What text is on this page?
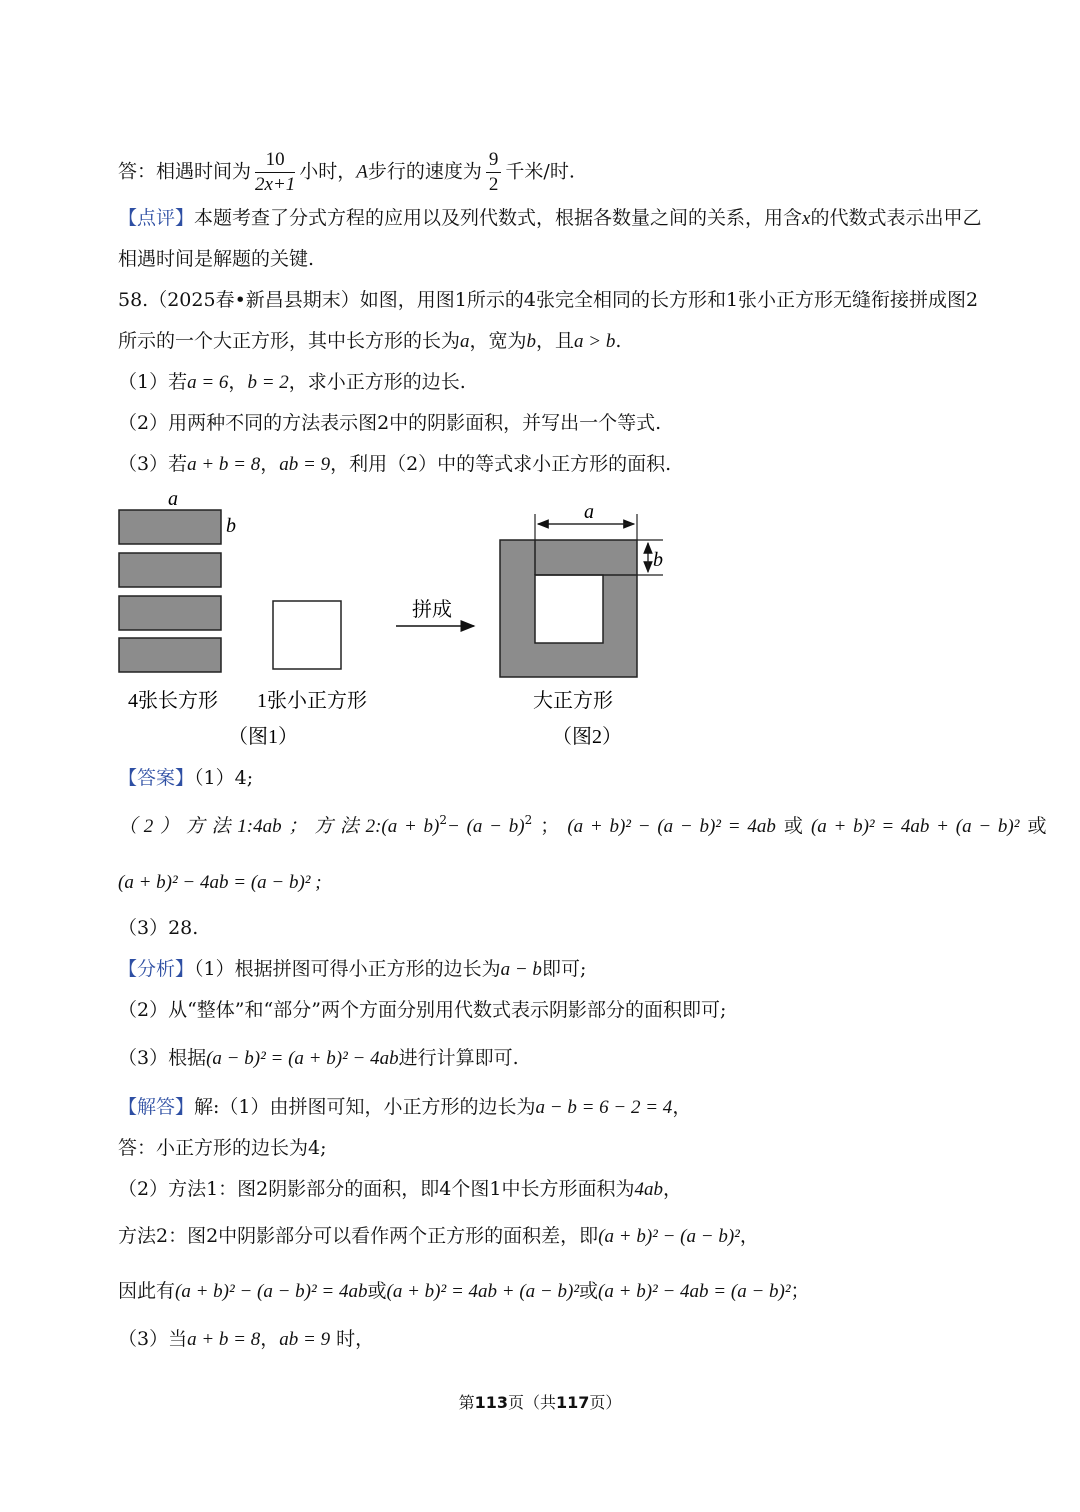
答：相遇时间为 $\frac{10}{2x+1}$ 小时，A步行的速度为 $\frac{9}{2}$ 千米/时.
【点评】本题考查了分式方程的应用以及列代数式，根据各数量之间的关系，用含x的代数式表示出甲乙
相遇时间是解题的关键.
58.（2025春•新昌县期末）如图，用图1所示的4张完全相同的长方形和1张小正方形无缝衔接拼成图2
所示的一个大正方形，其中长方形的长为a，宽为b，且a > b.
（1）若a = 6，b = 2，求小正方形的边长.
（2）用两种不同的方法表示图2中的阴影面积，并写出一个等式.
（3）若a + b = 8，ab = 9，利用（2）中的等式求小正方形的面积.
a
b
拼成
a
b
4张长方形 1张小正方形	大正方形
（图1）	（图2）
【答案】（1）4;
（ 2 ） 方 法 1:4ab ； 方 法 2:(a + $b)^2- (a - b)^2$ ； (a + b)² − (a − b)² = 4ab 或 (a + b)² = 4ab + (a − b)² 或
(a + b)² − 4ab = (a − b)² ;
（3）28.
【分析】（1）根据拼图可得小正方形的边长为a − b即可;
（2）从“整体”和“部分”两个方面分别用代数式表示阴影部分的面积即可;
（3）根据(a − b)² = (a + b)² − 4ab进行计算即可.
【解答】解:（1）由拼图可知，小正方形的边长为a − b = 6 − 2 = 4，
答：小正方形的边长为4;
（2）方法1：图2阴影部分的面积，即4个图1中长方形面积为4ab，
方法2：图2中阴影部分可以看作两个正方形的面积差，即(a + b)² − (a − b)²，
因此有(a + b)² − (a − b)² = 4ab或(a + b)² = 4ab + (a − b)²或(a + b)² − 4ab = (a − b)²；
（3）当a + b = 8，ab = 9 时，
第113页（共117页）
